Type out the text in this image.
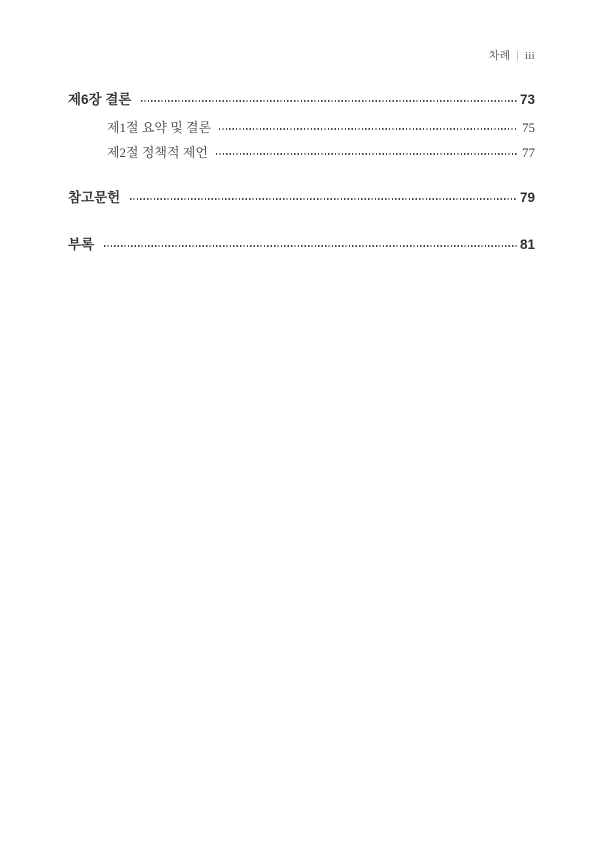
차례 | iii
제6장 결론	73
제1절 요약 및 결론	75
제2절 정책적 제언	77
참고문헌	79
부록	81
